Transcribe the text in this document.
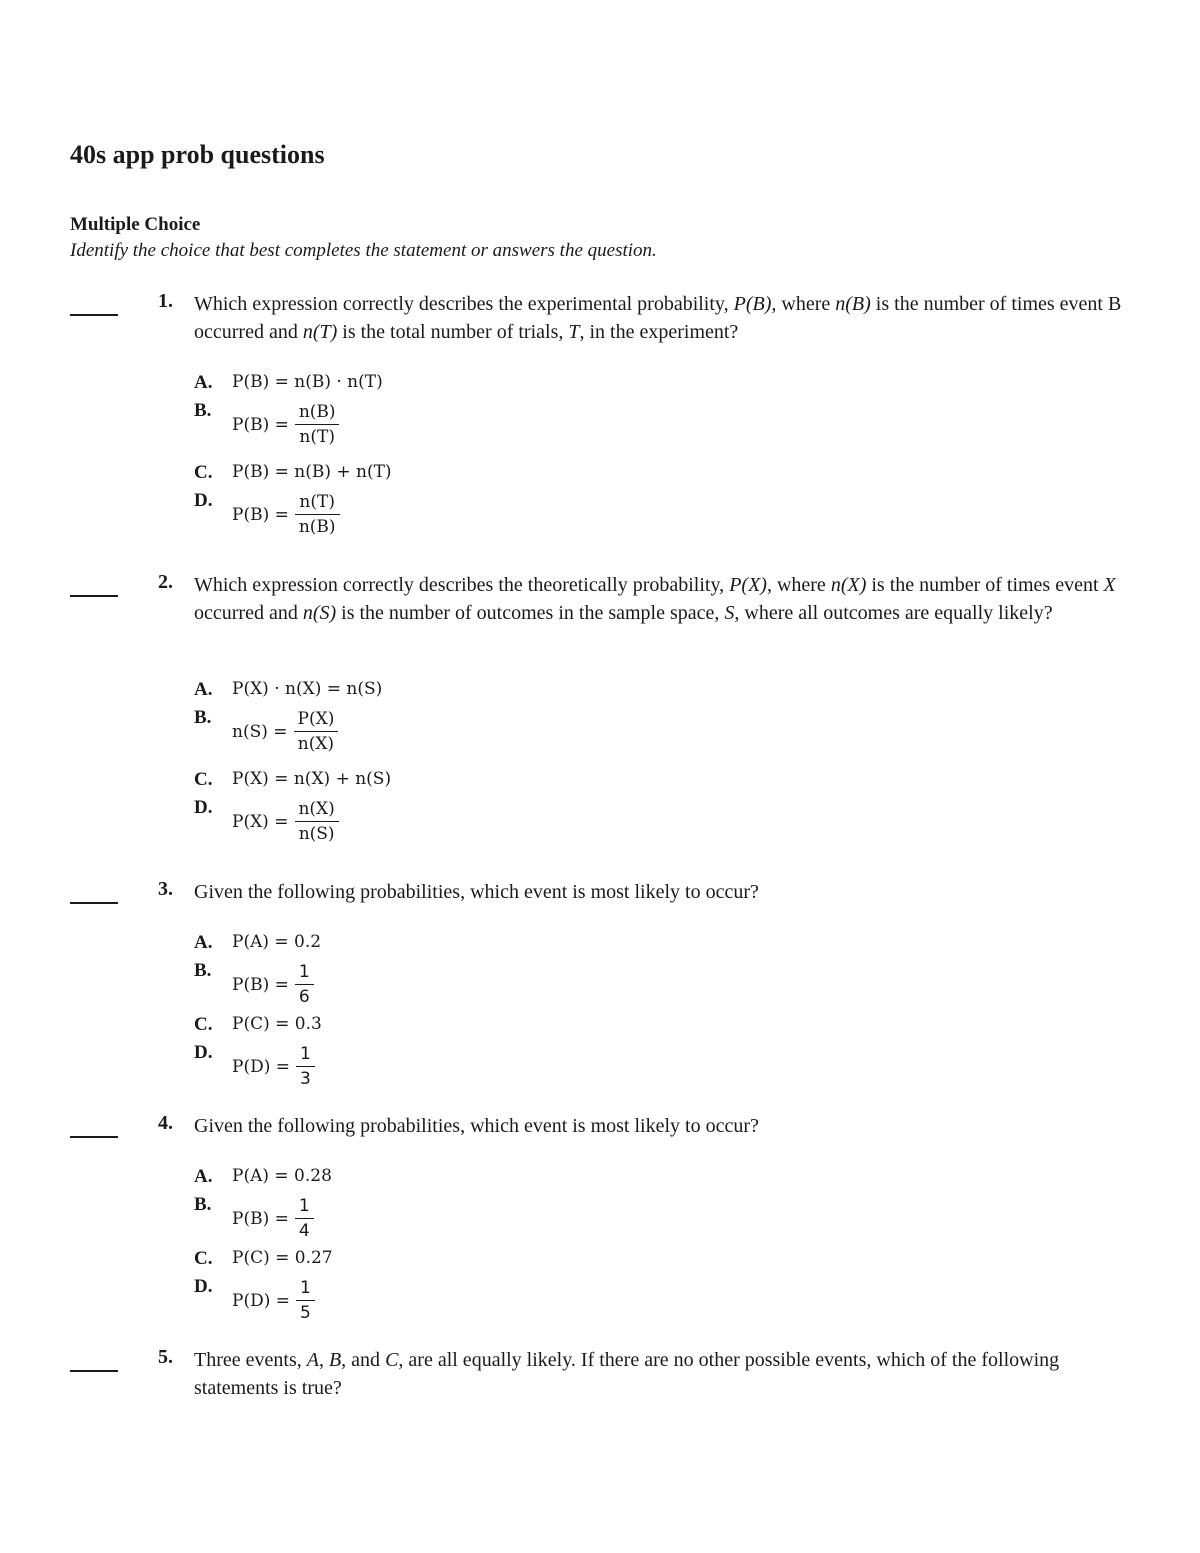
40s app prob questions
Multiple Choice
Identify the choice that best completes the statement or answers the question.
1.	Which expression correctly describes the experimental probability, P(B), where n(B) is the number of times event B occurred and n(T) is the total number of trials, T, in the experiment?
A.	P(B) = n(B) · n(T)
B.
$P(B) = \frac{n(B)}{n(T)}$
C.	P(B) = n(B) + n(T)
D.
$P(B) = \frac{n(T)}{n(B)}$
2.	Which expression correctly describes the theoretically probability, P(X), where n(X) is the number of times event X occurred and n(S) is the number of outcomes in the sample space, S, where all outcomes are equally likely?
A.	P(X) · n(X) = n(S)
B.
$n(S) = \frac{P(X)}{n(X)}$
C.	P(X) = n(X) + n(S)
D.
$P(X) = \frac{n(X)}{n(S)}$
3.	Given the following probabilities, which event is most likely to occur?
A.	P(A) = 0.2
B.
$P(B) = \frac{1}{6}$
C.	P(C) = 0.3
D.
$P(D) = \frac{1}{3}$
4.	Given the following probabilities, which event is most likely to occur?
A.	P(A) = 0.28
B.
$P(B) = \frac{1}{4}$
C.	P(C) = 0.27
D.
$P(D) = \frac{1}{5}$
5.	Three events, A, B, and C, are all equally likely. If there are no other possible events, which of the following statements is true?
